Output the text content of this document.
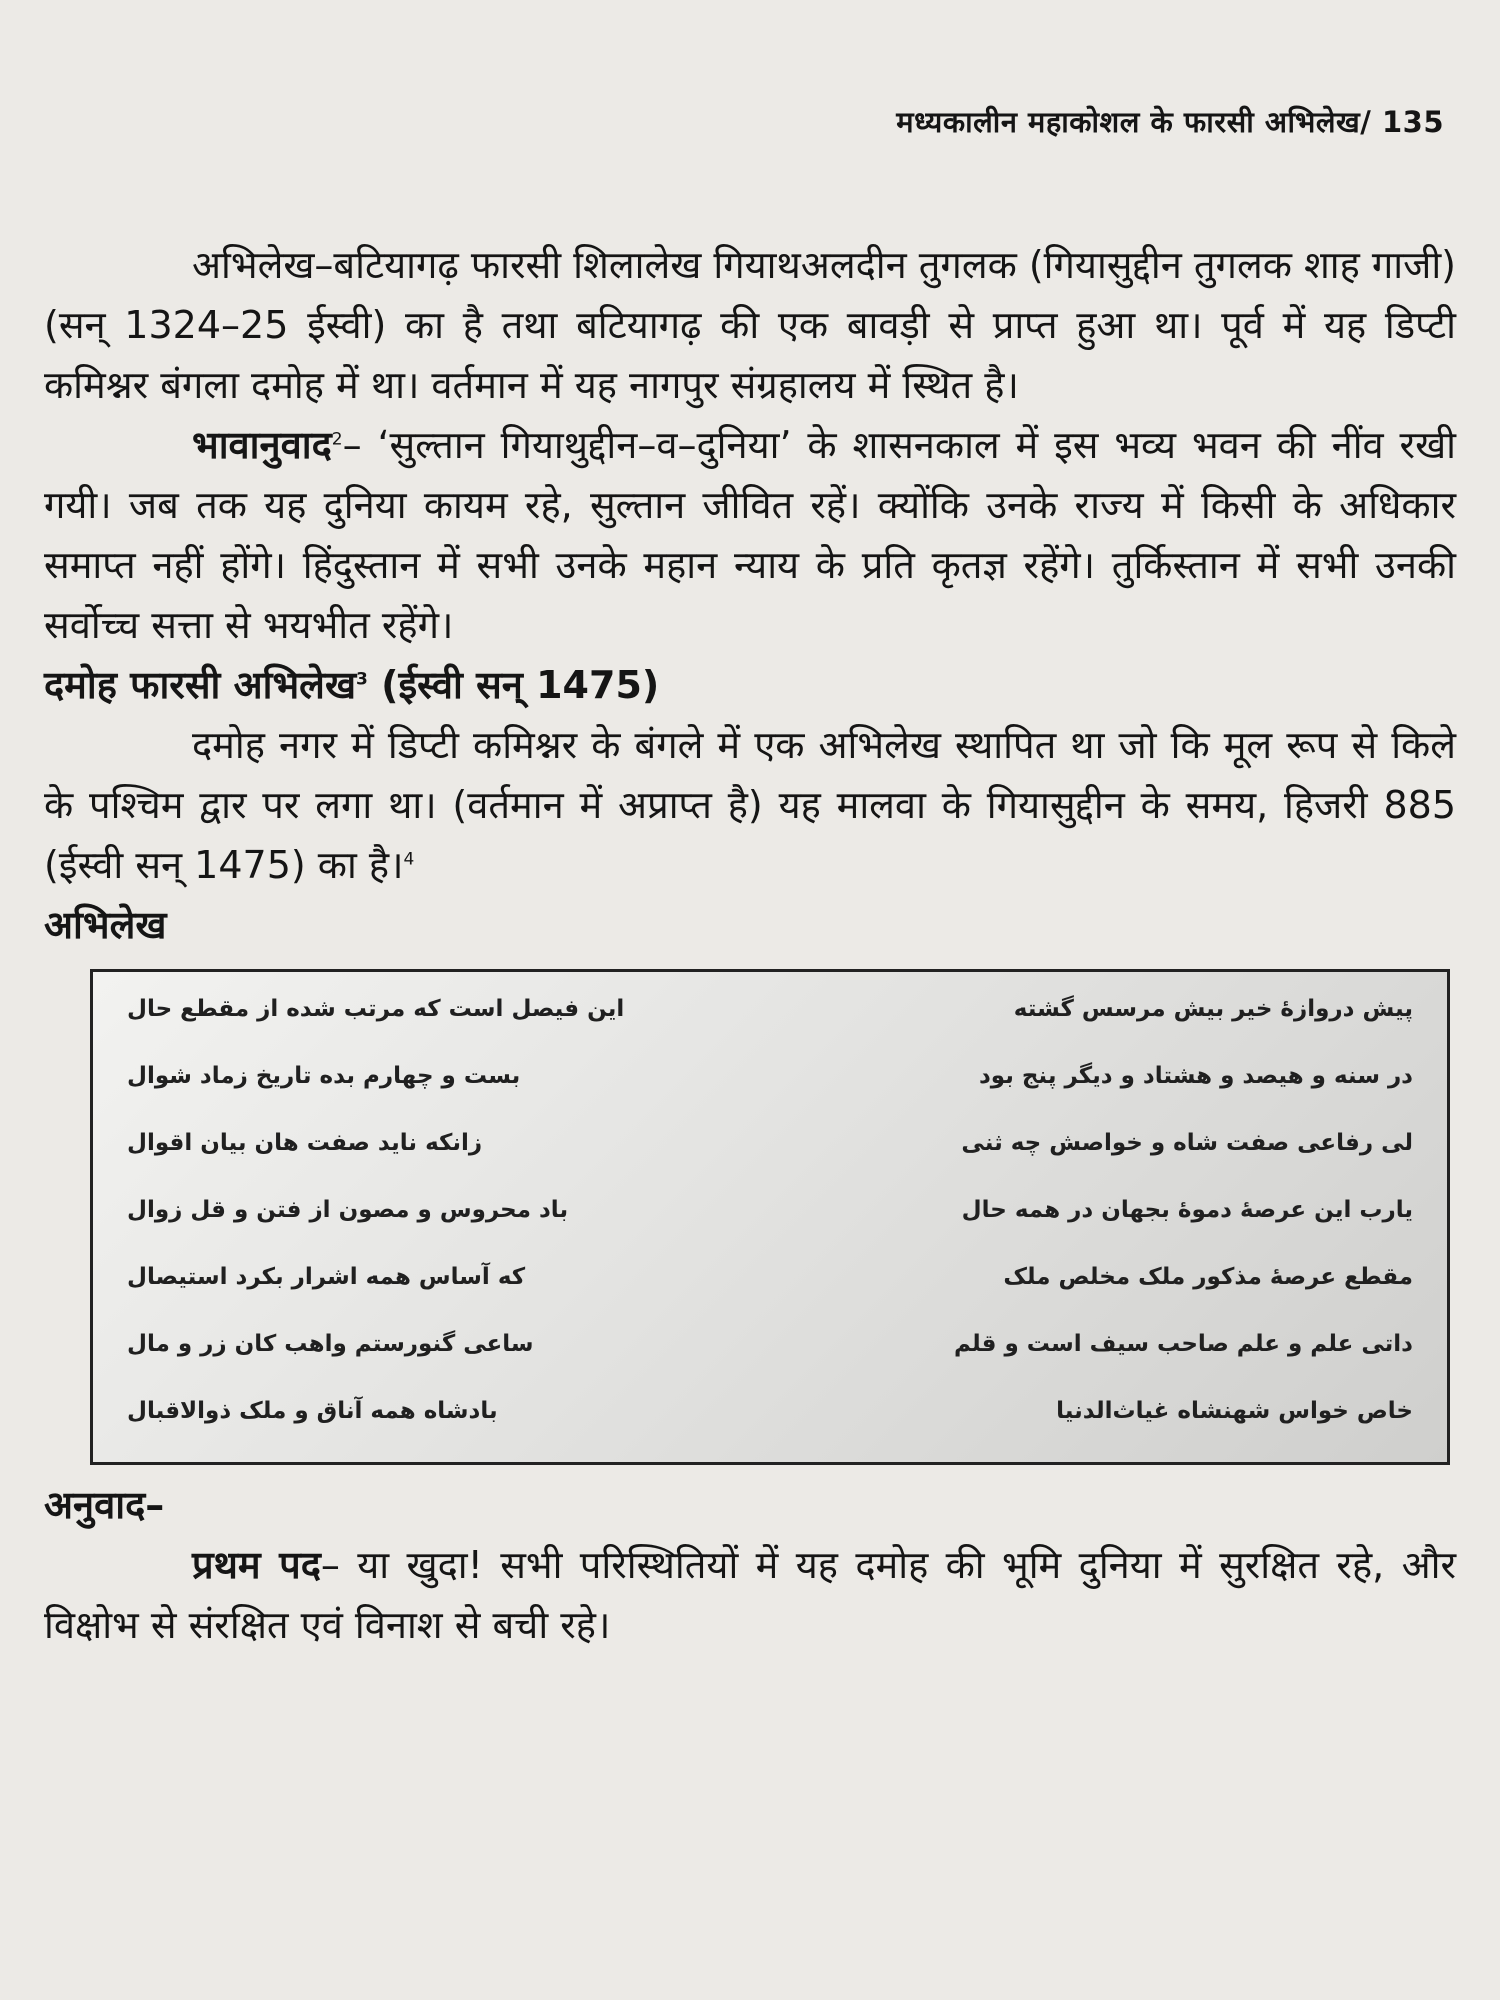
मध्यकालीन महाकोशल के फारसी अभिलेख/ 135

अभिलेख–बटियागढ़ फारसी शिलालेख गियाथअलदीन तुगलक (गियासुद्दीन तुगलक शाह गाजी) (सन् 1324–25 ईस्वी) का है तथा बटियागढ़ की एक बावड़ी से प्राप्त हुआ था। पूर्व में यह डिप्टी कमिश्नर बंगला दमोह में था। वर्तमान में यह नागपुर संग्रहालय में स्थित है।

भावानुवाद$^2$– ‘सुल्तान गियाथुद्दीन–व–दुनिया’ के शासनकाल में इस भव्य भवन की नींव रखी गयी। जब तक यह दुनिया कायम रहे, सुल्तान जीवित रहें। क्योंकि उनके राज्य में किसी के अधिकार समाप्त नहीं होंगे। हिंदुस्तान में सभी उनके महान न्याय के प्रति कृतज्ञ रहेंगे। तुर्किस्तान में सभी उनकी सर्वोच्च सत्ता से भयभीत रहेंगे।

दमोह फारसी अभिलेख$^3$ (ईस्वी सन् 1475)

दमोह नगर में डिप्टी कमिश्नर के बंगले में एक अभिलेख स्थापित था जो कि मूल रूप से किले के पश्चिम द्वार पर लगा था। (वर्तमान में अप्राप्त है) यह मालवा के गियासुद्दीन के समय, हिजरी 885 (ईस्वी सन् 1475) का है।$^4$

अभिलेख

پیش دروازهٔ خیر بیش مرسس گشته
این فیصل است که مرتب شده از مقطع حال
در سنه و هیصد و هشتاد و دیگر پنج بود
بست و چهارم بده تاریخ زماد شوال
لی رفاعی صفت شاه و خواصش چه ثنی
زانکه ناید صفت هان بیان اقوال
یارب این عرصهٔ دموهٔ بجهان در همه حال
باد محروس و مصون از فتن و قل زوال
مقطع عرصهٔ مذکور ملک مخلص ملک
که آساس همه اشرار بکرد استیصال
داتی علم و علم صاحب سیف است و قلم
ساعی گنورستم واهب کان زر و مال
خاص خواس شهنشاه غیاث‌الدنیا
بادشاه همه آناق و ملک ذوالاقبال

अनुवाद–

प्रथम पद– या खुदा! सभी परिस्थितियों में यह दमोह की भूमि दुनिया में सुरक्षित रहे, और विक्षोभ से संरक्षित एवं विनाश से बची रहे।
